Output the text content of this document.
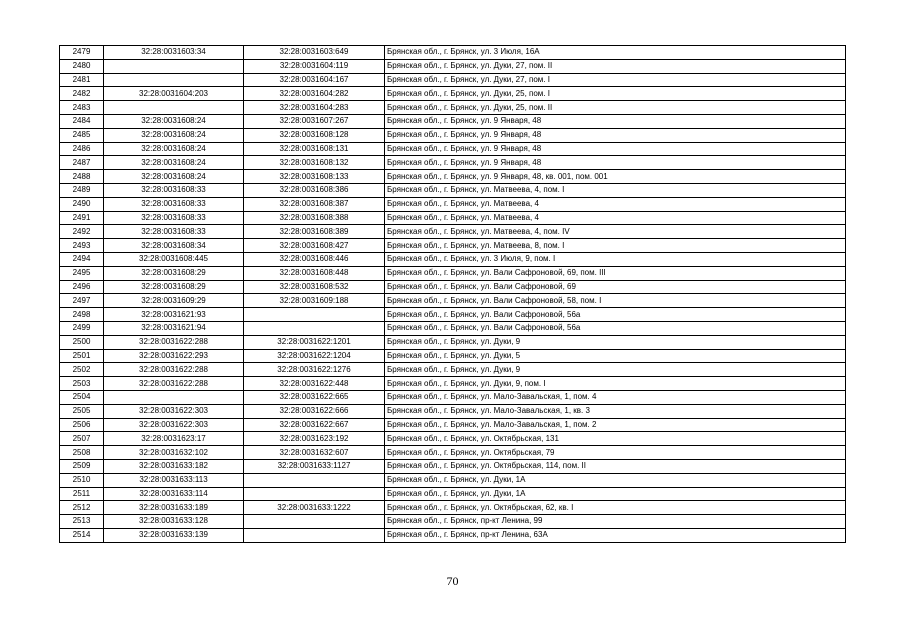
2479	32:28:0031603:34	32:28:0031603:649	Брянская обл., г. Брянск, ул. 3 Июля, 16А
2480		32:28:0031604:119	Брянская обл., г. Брянск, ул. Дуки, 27, пом. II
2481		32:28:0031604:167	Брянская обл., г. Брянск, ул. Дуки, 27, пом. I
2482	32:28:0031604:203	32:28:0031604:282	Брянская обл., г. Брянск, ул. Дуки, 25, пом. I
2483		32:28:0031604:283	Брянская обл., г. Брянск, ул. Дуки, 25, пом. II
2484	32:28:0031608:24	32:28:0031607:267	Брянская обл., г. Брянск, ул. 9 Января, 48
2485	32:28:0031608:24	32:28:0031608:128	Брянская обл., г. Брянск, ул. 9 Января, 48
2486	32:28:0031608:24	32:28:0031608:131	Брянская обл., г. Брянск, ул. 9 Января, 48
2487	32:28:0031608:24	32:28:0031608:132	Брянская обл., г. Брянск, ул. 9 Января, 48
2488	32:28:0031608:24	32:28:0031608:133	Брянская обл., г. Брянск, ул. 9 Января, 48, кв. 001, пом. 001
2489	32:28:0031608:33	32:28:0031608:386	Брянская обл., г. Брянск, ул. Матвеева, 4, пом. I
2490	32:28:0031608:33	32:28:0031608:387	Брянская обл., г. Брянск, ул. Матвеева, 4
2491	32:28:0031608:33	32:28:0031608:388	Брянская обл., г. Брянск, ул. Матвеева, 4
2492	32:28:0031608:33	32:28:0031608:389	Брянская обл., г. Брянск, ул. Матвеева, 4, пом. IV
2493	32:28:0031608:34	32:28:0031608:427	Брянская обл., г. Брянск, ул. Матвеева, 8, пом. I
2494	32:28:0031608:445	32:28:0031608:446	Брянская обл., г. Брянск, ул. 3 Июля, 9, пом. I
2495	32:28:0031608:29	32:28:0031608:448	Брянская обл., г. Брянск, ул. Вали Сафроновой, 69, пом. III
2496	32:28:0031608:29	32:28:0031608:532	Брянская обл., г. Брянск, ул. Вали Сафроновой, 69
2497	32:28:0031609:29	32:28:0031609:188	Брянская обл., г. Брянск, ул. Вали Сафроновой, 58, пом. I
2498	32:28:0031621:93		Брянская обл., г. Брянск, ул. Вали Сафроновой, 56а
2499	32:28:0031621:94		Брянская обл., г. Брянск, ул. Вали Сафроновой, 56а
2500	32:28:0031622:288	32:28:0031622:1201	Брянская обл., г. Брянск, ул. Дуки, 9
2501	32:28:0031622:293	32:28:0031622:1204	Брянская обл., г. Брянск, ул. Дуки, 5
2502	32:28:0031622:288	32:28:0031622:1276	Брянская обл., г. Брянск, ул. Дуки, 9
2503	32:28:0031622:288	32:28:0031622:448	Брянская обл., г. Брянск, ул. Дуки, 9, пом. I
2504		32:28:0031622:665	Брянская обл., г. Брянск, ул. Мало-Завальская, 1, пом. 4
2505	32:28:0031622:303	32:28:0031622:666	Брянская обл., г. Брянск, ул. Мало-Завальская, 1, кв. 3
2506	32:28:0031622:303	32:28:0031622:667	Брянская обл., г. Брянск, ул. Мало-Завальская, 1, пом. 2
2507	32:28:0031623:17	32:28:0031623:192	Брянская обл., г. Брянск, ул. Октябрьская, 131
2508	32:28:0031632:102	32:28:0031632:607	Брянская обл., г. Брянск, ул. Октябрьская, 79
2509	32:28:0031633:182	32:28:0031633:1127	Брянская обл., г. Брянск, ул. Октябрьская, 114, пом. II
2510	32:28:0031633:113		Брянская обл., г. Брянск, ул. Дуки, 1А
2511	32:28:0031633:114		Брянская обл., г. Брянск, ул. Дуки, 1А
2512	32:28:0031633:189	32:28:0031633:1222	Брянская обл., г. Брянск, ул. Октябрьская, 62, кв. I
2513	32:28:0031633:128		Брянская обл., г. Брянск, пр-кт Ленина, 99
2514	32:28:0031633:139		Брянская обл., г. Брянск, пр-кт Ленина, 63А
70
